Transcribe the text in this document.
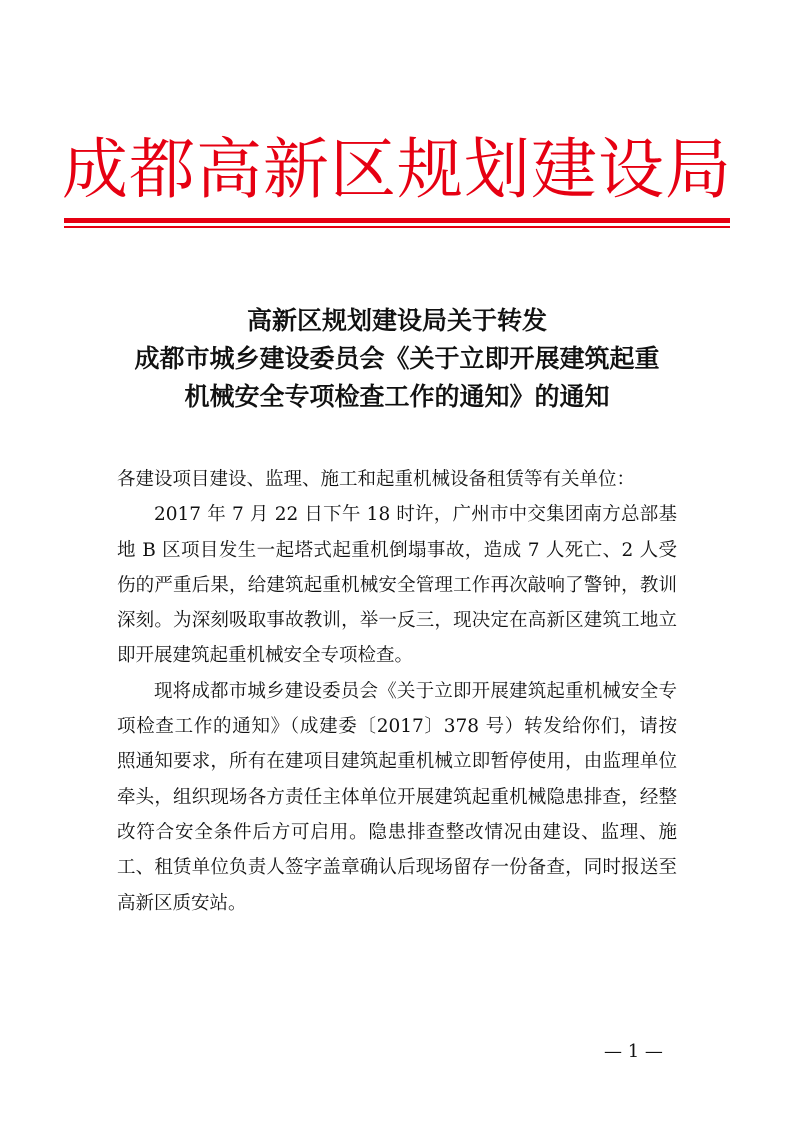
成都高新区规划建设局
高新区规划建设局关于转发
成都市城乡建设委员会《关于立即开展建筑起重
机械安全专项检查工作的通知》的通知

各建设项目建设、监理、施工和起重机械设备租赁等有关单位：

2017 年 7 月 22 日下午 18 时许，广州市中交集团南方总部基地 B 区项目发生一起塔式起重机倒塌事故，造成 7 人死亡、2 人受伤的严重后果，给建筑起重机械安全管理工作再次敲响了警钟，教训深刻。为深刻吸取事故教训，举一反三，现决定在高新区建筑工地立即开展建筑起重机械安全专项检查。

现将成都市城乡建设委员会《关于立即开展建筑起重机械安全专项检查工作的通知》（成建委〔2017〕378 号）转发给你们，请按照通知要求，所有在建项目建筑起重机械立即暂停使用，由监理单位牵头，组织现场各方责任主体单位开展建筑起重机械隐患排查，经整改符合安全条件后方可启用。隐患排查整改情况由建设、监理、施工、租赁单位负责人签字盖章确认后现场留存一份备查，同时报送至高新区质安站。

— 1 —
